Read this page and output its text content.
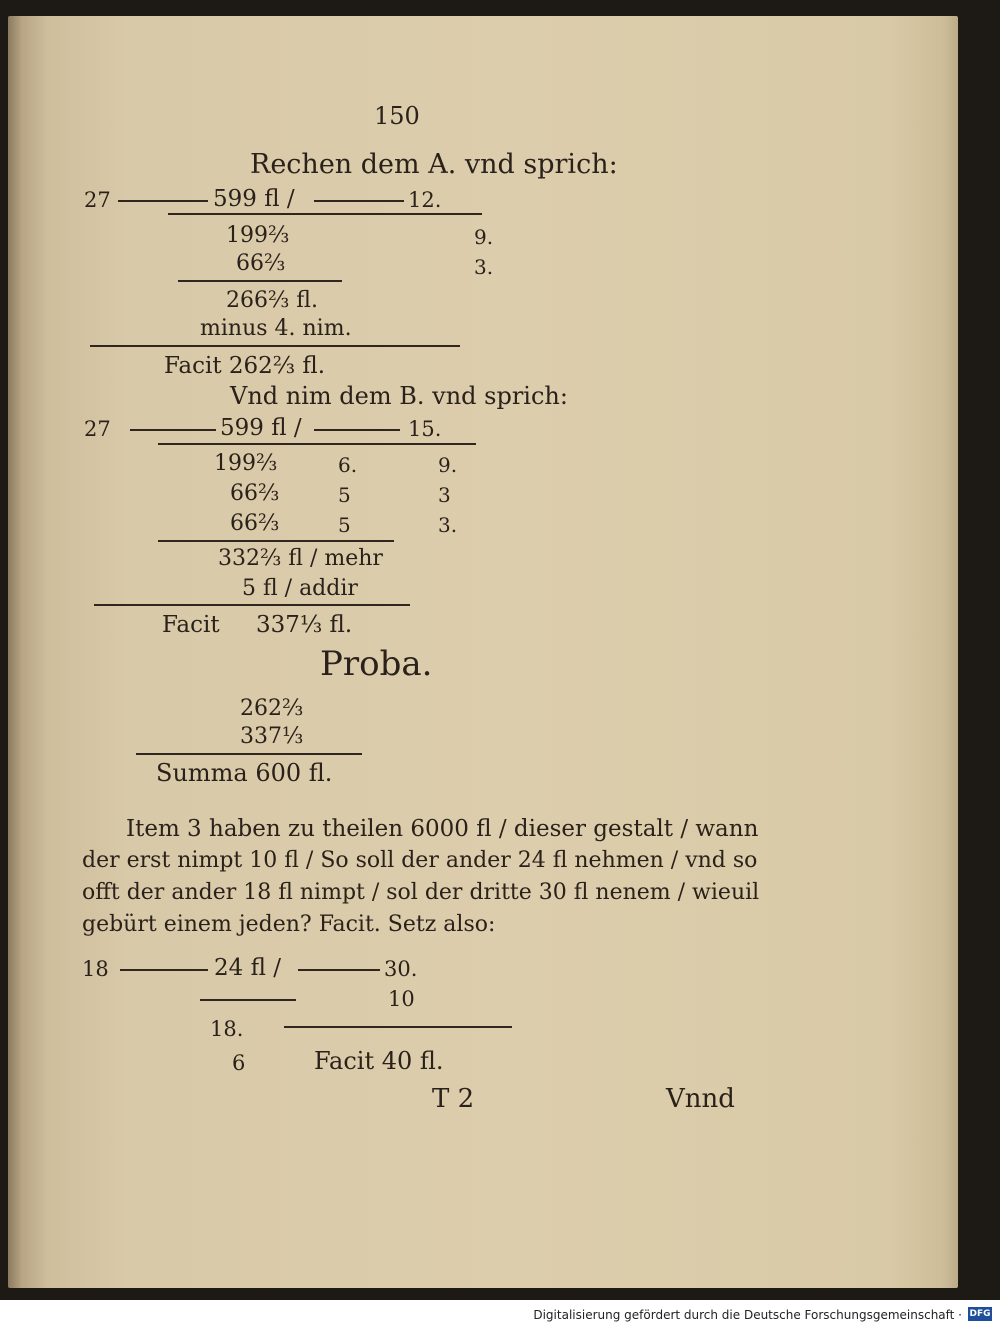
150
Rechen dem A. vnd sprich:
27	599 fl /	12.
199⅔	9.
66⅔	3.
266⅔ fl.
minus 4. nim.
Facit 262⅔ fl.
Vnd nim dem B. vnd sprich:
27	599 fl /	15.
199⅔	6.	9.
66⅔	5	3
66⅔	5	3.
332⅔ fl / mehr
5 fl / addir
Facit 337⅓ fl.
Proba.
262⅔
337⅓
Summa 600 fl.
Item 3 haben zu theilen 6000 fl / dieser gestalt / wann
der erst nimpt 10 fl / So soll der ander 24 fl nehmen / vnd so
offt der ander 18 fl nimpt / sol der dritte 30 fl nenem / wieuil
gebürt einem jeden? Facit. Setz also:
18	24 fl /	30.
10
18.
6	Facit 40 fl.
T 2	Vnnd
Digitalisierung gefördert durch die Deutsche Forschungsgemeinschaft · DFG
